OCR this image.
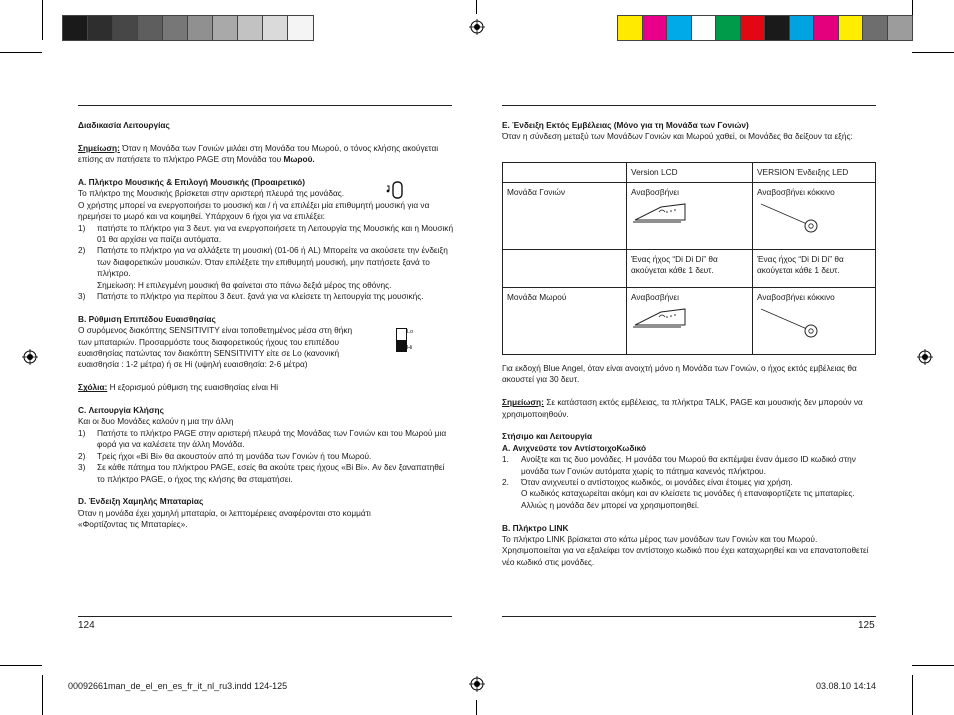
Διαδικασία Λειτουργίας

Σημείωση: Όταν η Μονάδα των Γονιών μιλάει στη Μονάδα του Μωρού, ο τόνος κλήσης ακούγεται επίσης αν πατήσετε το πλήκτρο PAGE στη Μονάδα του Μωρού.

A. Πλήκτρο Μουσικής & Επιλογή Μουσικής (Προαιρετικό)

Το πλήκτρο της Μουσικής βρίσκεται στην αριστερή πλευρά της μονάδας.

Ο χρήστης μπορεί να ενεργοποιήσει το μουσική και / ή να επιλέξει μία επιθυμητή μουσική για να ηρεμήσει το μωρό και να κοιμηθεί. Υπάρχουν 6 ήχοι για να επιλέξει:

1)	πατήστε το πλήκτρο για 3 δευτ. για να ενεργοποιήσετε τη Λειτουργία της Μουσικής και η Μουσική 01 θα αρχίσει να παίζει αυτόματα.
2)	Πατήστε το πλήκτρο για να αλλάξετε τη μουσική (01-06 ή AL) Μπορείτε να ακούσετε την ένδειξη των διαφορετικών μουσικών. Όταν επιλέξετε την επιθυμητή μουσική, μην πατήσετε ξανά το πλήκτρο.
Σημείωση: Η επιλεγμένη μουσική θα φαίνεται στο πάνω δεξιά μέρος της οθόνης.
3)	Πατήστε το πλήκτρο για περίπου 3 δευτ. ξανά για να κλείσετε τη λειτουργία της μουσικής.

B. Ρύθμιση Επιπέδου Ευαισθησίας

Ο συρόμενος διακόπτης SENSITIVITY είναι τοποθετημένος μέσα στη θήκη

των μπαταριών. Προσαρμόστε τους διαφορετικούς ήχους του επιπέδου

ευαισθησίας πατώντας τον διακόπτη SENSITIVITY είτε σε Lo (κανονική

ευαισθησία : 1-2 μέτρα) ή σε Hi (υψηλή ευαισθησία: 2-6 μέτρα)

Lo
Hi

Σχόλια: Η εξορισμού ρύθμιση της ευαισθησίας είναι Hi

C. Λειτουργία Κλήσης

Και οι δυο Μονάδες καλούν η μια την άλλη

1)	Πατήστε το πλήκτρο PAGE στην αριστερή πλευρά της Μονάδας των Γονιών και του Μωρού μια φορά για να καλέσετε την άλλη Μονάδα.
2)	Τρείς ήχοι «Bi Bi» θα ακουστούν από τη μονάδα των Γονιών ή του Μωρού.
3)	Σε κάθε πάτημα του πλήκτρου PAGE, εσείς θα ακούτε τρεις ήχους «Bi Bi». Αν δεν ξαναπατηθεί το πλήκτρο PAGE, ο ήχος της κλήσης θα σταματήσει.

D. Ένδειξη Χαμηλής Μπαταρίας

Όταν η μονάδα έχει χαμηλή μπαταρία, οι λεπτομέρειες αναφέρονται στο κομμάτι

«Φορτίζοντας τις Μπαταρίες».

124

E. Ένδειξη Εκτός Εμβέλειας (Μόνο για τη Μονάδα των Γονιών)

Όταν η σύνδεση μεταξύ των Μονάδων Γονιών και Μωρού χαθεί, οι Μονάδες θα δείξουν τα εξής:

	Version LCD	VERSION Ένδειξης LED
Μονάδα Γονιών	Αναβοσβήνει	Αναβοσβήνει κόκκινο

	Ένας ήχος “Di Di Di” θα ακούγεται κάθε 1 δευτ.	Ένας ήχος “Di Di Di” θα ακούγεται κάθε 1 δευτ.
Μονάδα Μωρού	Αναβοσβήνει	Αναβοσβήνει κόκκινο

Για εκδοχή Blue Angel, όταν είναι ανοιχτή μόνο η Μονάδα των Γονιών, ο ήχος εκτός εμβέλειας θα ακουστεί για 30 δευτ.

Σημείωση: Σε κατάσταση εκτός εμβέλειας, τα πλήκτρα TALK, PAGE και μουσικής δεν μπορούν να χρησιμοποιηθούν.

Στήσιμο και Λειτουργία

A. Ανιχνεύστε τον ΑντίστοιχοΚωδικό

1.	Ανοίξτε και τις δυο μονάδες. Η μονάδα του Μωρού θα εκπέμψει έναν άμεσο ID κωδικό στην μονάδα των Γονιών αυτόματα χωρίς το πάτημα κανενός πλήκτρου.
2.	Όταν ανιχνευτεί ο αντίστοιχος κωδικός, οι μονάδες είναι έτοιμες για χρήση.
Ο κωδικός καταχωρείται ακόμη και αν κλείσετε τις μονάδες ή επαναφορτίζετε τις μπαταρίες. Αλλιώς η μονάδα δεν μπορεί να χρησιμοποιηθεί.

B. Πλήκτρο LINK

Το πλήκτρο LINK βρίσκεται στο κάτω μέρος των μονάδων των Γονιών και του Μωρού.

Χρησιμοποιείται για να εξαλείφει τον αντίστοιχο κωδικό που έχει καταχωρηθεί και να επανατοποθετεί νέο κωδικό στις μονάδες.

125
00092661man_de_el_en_es_fr_it_nl_ru3.indd 124-125	03.08.10 14:14
